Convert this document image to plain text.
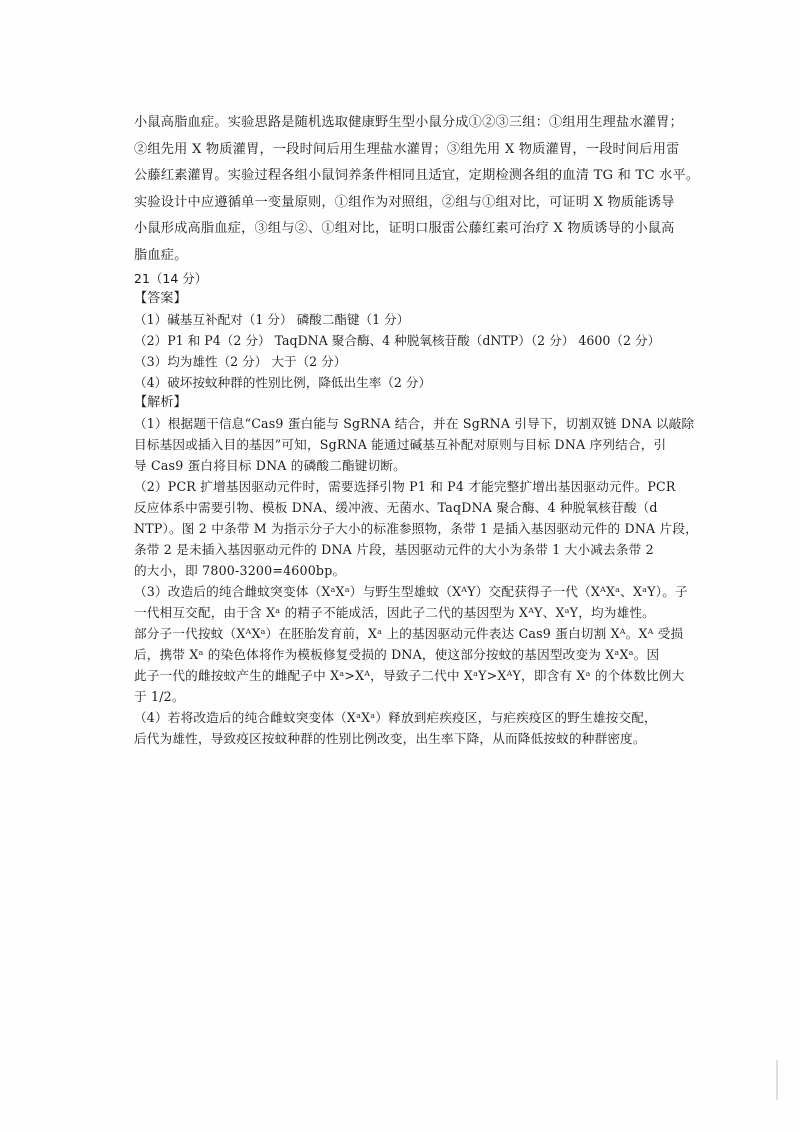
小鼠高脂血症。实验思路是随机选取健康野生型小鼠分成①②③三组：①组用生理盐水灌胃；

②组先用 X 物质灌胃，一段时间后用生理盐水灌胃；③组先用 X 物质灌胃，一段时间后用雷

公藤红素灌胃。实验过程各组小鼠饲养条件相同且适宜，定期检测各组的血清 TG 和 TC 水平。

实验设计中应遵循单一变量原则，①组作为对照组，②组与①组对比，可证明 X 物质能诱导

小鼠形成高脂血症，③组与②、①组对比，证明口服雷公藤红素可治疗 X 物质诱导的小鼠高

脂血症。

21（14 分）

【答案】

（1）碱基互补配对（1 分） 磷酸二酯键（1 分）

（2）P1 和 P4（2 分） TaqDNA 聚合酶、4 种脱氧核苷酸（dNTP）（2 分） 4600（2 分）

（3）均为雄性（2 分） 大于（2 分）

（4）破坏按蚊种群的性别比例，降低出生率（2 分）

【解析】

（1）根据题干信息“Cas9 蛋白能与 SgRNA 结合，并在 SgRNA 引导下，切割双链 DNA 以敲除

目标基因或插入目的基因”可知，SgRNA 能通过碱基互补配对原则与目标 DNA 序列结合，引

导 Cas9 蛋白将目标 DNA 的磷酸二酯键切断。

（2）PCR 扩增基因驱动元件时，需要选择引物 P1 和 P4 才能完整扩增出基因驱动元件。PCR

反应体系中需要引物、模板 DNA、缓冲液、无菌水、TaqDNA 聚合酶、4 种脱氧核苷酸（d

NTP）。图 2 中条带 M 为指示分子大小的标准参照物，条带 1 是插入基因驱动元件的 DNA 片段，

条带 2 是未插入基因驱动元件的 DNA 片段，基因驱动元件的大小为条带 1 大小减去条带 2

的大小，即 7800-3200=4600bp。

（3）改造后的纯合雌蚊突变体（XᵃXᵃ）与野生型雄蚊（XᴬY）交配获得子一代（XᴬXᵃ、XᵃY）。子

一代相互交配，由于含 Xᵃ 的精子不能成活，因此子二代的基因型为 XᴬY、XᵃY，均为雄性。

部分子一代按蚊（XᴬXᵃ）在胚胎发育前，Xᵃ 上的基因驱动元件表达 Cas9 蛋白切割 Xᴬ。Xᴬ 受损

后，携带 Xᵃ 的染色体将作为模板修复受损的 DNA，使这部分按蚊的基因型改变为 XᵃXᵃ。因

此子一代的雌按蚊产生的雌配子中 Xᵃ>Xᴬ，导致子二代中 XᵃY>XᴬY，即含有 Xᵃ 的个体数比例大

于 1/2。

（4）若将改造后的纯合雌蚊突变体（XᵃXᵃ）释放到疟疾疫区，与疟疾疫区的野生雄按交配，

后代为雄性，导致疫区按蚊种群的性别比例改变，出生率下降，从而降低按蚊的种群密度。
